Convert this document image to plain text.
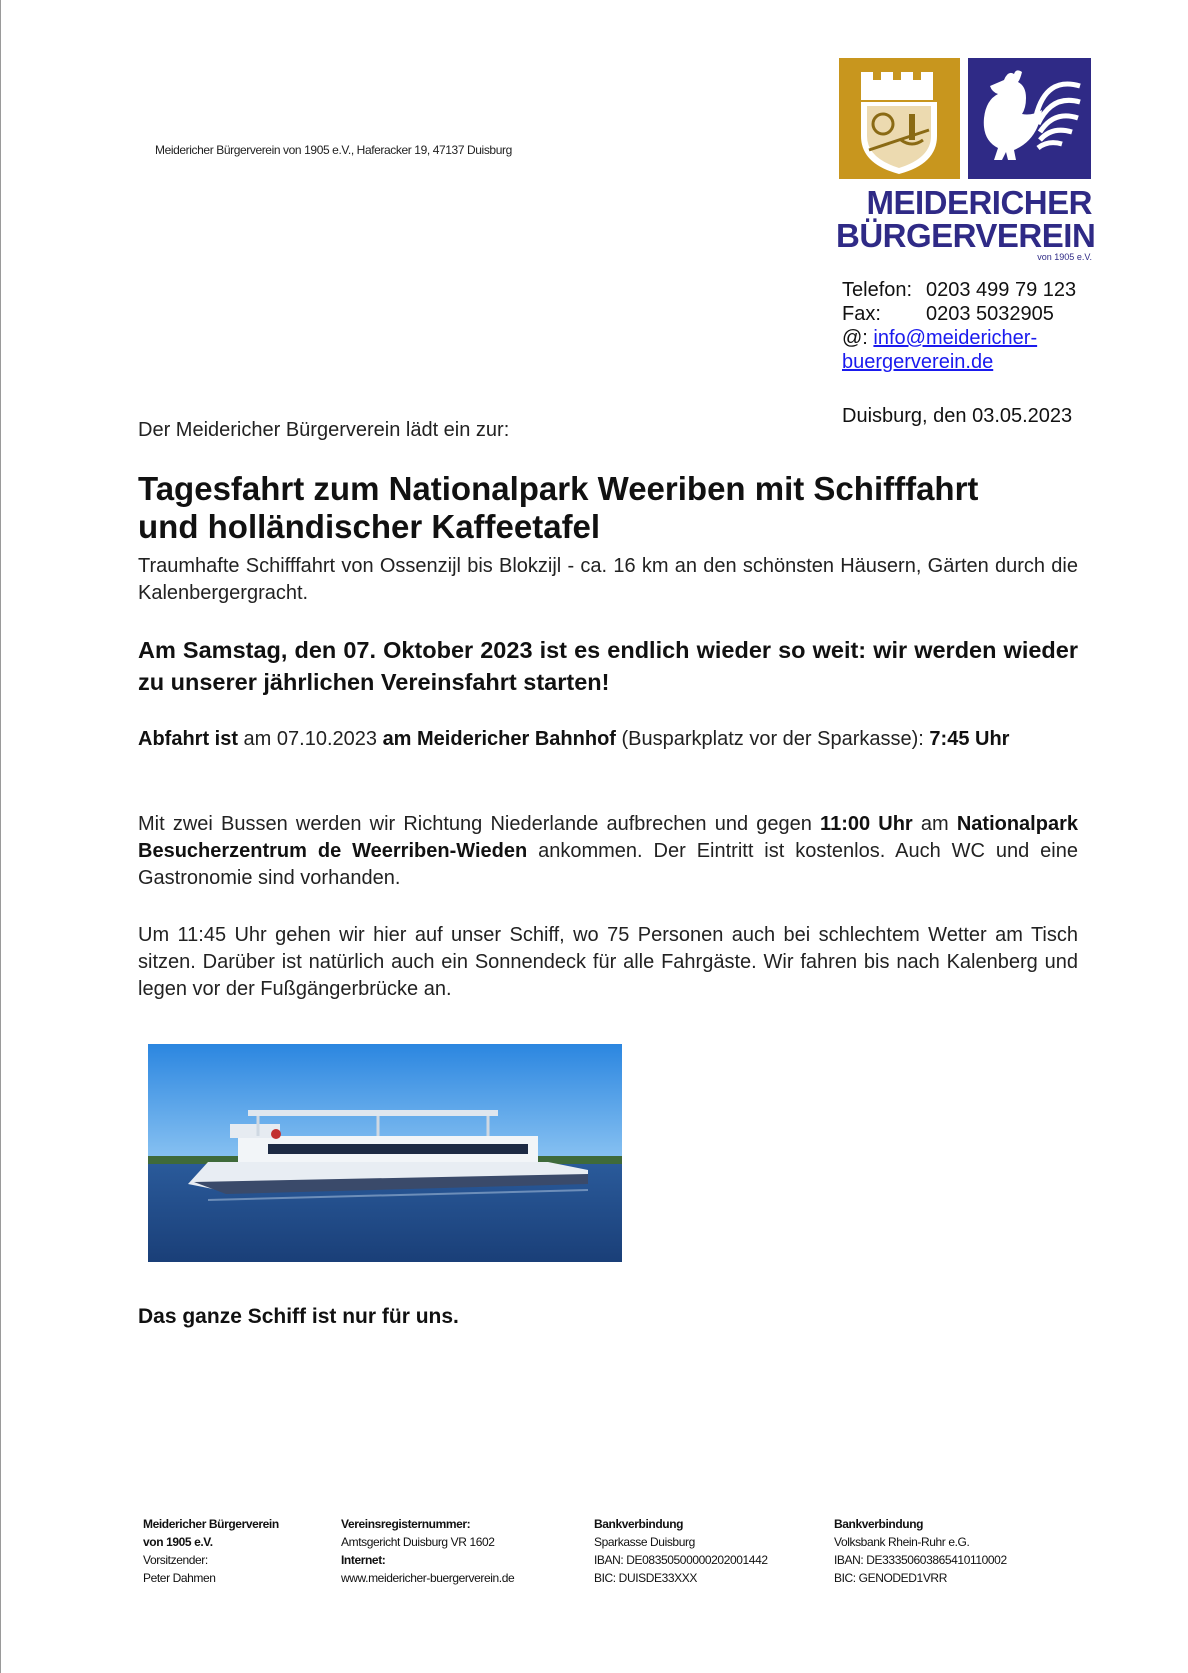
Meidericher Bürgerverein von 1905 e.V., Haferacker 19, 47137 Duisburg
MEIDERICHER
BÜRGERVEREIN
von 1905 e.V.
Telefon: 0203 499 79 123
Fax: 0203 5032905
@: info@meidericher-
buergerverein.de
Duisburg, den 03.05.2023
Der Meidericher Bürgerverein lädt ein zur:
Tagesfahrt zum Nationalpark Weeriben mit Schifffahrt
und holländischer Kaffeetafel
Traumhafte Schifffahrt von Ossenzijl bis Blokzijl - ca. 16 km an den schönsten Häusern, Gärten durch die Kalenbergergracht.
Am Samstag, den 07. Oktober 2023 ist es endlich wieder so weit: wir werden wieder zu unserer jährlichen Vereinsfahrt starten!
Abfahrt ist am 07.10.2023 am Meidericher Bahnhof (Busparkplatz vor der Sparkasse): 7:45 Uhr
Mit zwei Bussen werden wir Richtung Niederlande aufbrechen und gegen 11:00 Uhr am Nationalpark Besucherzentrum de Weerriben-Wieden ankommen. Der Eintritt ist kostenlos. Auch WC und eine Gastronomie sind vorhanden.
Um 11:45 Uhr gehen wir hier auf unser Schiff, wo 75 Personen auch bei schlechtem Wetter am Tisch sitzen. Darüber ist natürlich auch ein Sonnendeck für alle Fahrgäste. Wir fahren bis nach Kalenberg und legen vor der Fußgängerbrücke an.
Das ganze Schiff ist nur für uns.
Meidericher Bürgerverein
von 1905 e.V.
Vorsitzender:
Peter Dahmen
Vereinsregisternummer:
Amtsgericht Duisburg VR 1602
Internet:
www.meidericher-buergerverein.de
Bankverbindung
Sparkasse Duisburg
IBAN: DE08350500000202001442
BIC: DUISDE33XXX
Bankverbindung
Volksbank Rhein-Ruhr e.G.
IBAN: DE33350603865410110002
BIC: GENODED1VRR
